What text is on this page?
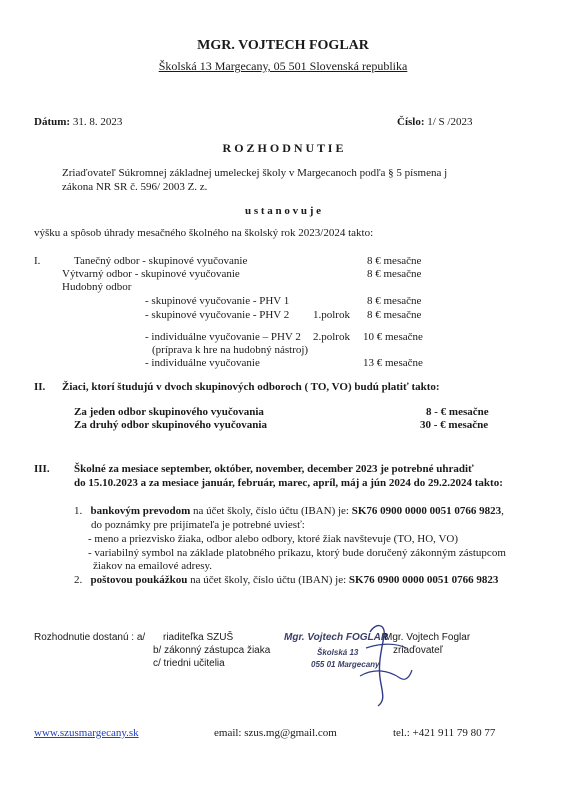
MGR. VOJTECH FOGLAR
Školská 13 Margecany, 05 501 Slovenská republika
Dátum: 31. 8. 2023	Číslo: 1/ S /2023
R O Z H O D N U T I E
Zriaďovateľ Súkromnej základnej umeleckej školy v Margecanoch podľa § 5 písmena j
zákona NR SR č. 596/ 2003 Z. z.
u s t a n o v u j e
výšku a spôsob úhrady mesačného školného na školský rok 2023/2024 takto:
I.	Tanečný odbor - skupinové vyučovanie	8 € mesačne
Výtvarný odbor - skupinové vyučovanie	8 € mesačne
Hudobný odbor
- skupinové vyučovanie - PHV 1	8 € mesačne
- skupinové vyučovanie - PHV 2 1.polrok 8 € mesačne
- individuálne vyučovanie – PHV 2 2.polrok 10 € mesačne
(príprava k hre na hudobný nástroj)
- individuálne vyučovanie	13 € mesačne
II. Žiaci, ktorí študujú v dvoch skupinových odboroch ( TO, VO) budú platiť takto:
Za jeden odbor skupinového vyučovania	8 - € mesačne
Za druhý odbor skupinového vyučovania	30 - € mesačne
III. Školné za mesiace september, október, november, december 2023 je potrebné uhradiť
do 15.10.2023 a za mesiace január, február, marec, apríl, máj a jún 2024 do 29.2.2024 takto:
1. bankovým prevodom na účet školy, číslo účtu (IBAN) je: SK76 0900 0000 0051 0766 9823,
do poznámky pre prijímateľa je potrebné uviesť:
- meno a priezvisko žiaka, odbor alebo odbory, ktoré žiak navštevuje (TO, HO, VO)
- variabilný symbol na základe platobného príkazu, ktorý bude doručený zákonným zástupcom
žiakov na emailové adresy.
2. poštovou poukážkou na účet školy, číslo účtu (IBAN) je: SK76 0900 0000 0051 0766 9823
Rozhodnutie dostanú : a/ riaditeľka SZUŠ
b/ zákonný zástupca žiaka
c/ triedni učitelia
Mgr. Vojtech FOGLAR
Školská 13
055 01 Margecany
Mgr. Vojtech Foglar
zriaďovateľ
www.szusmargecany.sk	email: szus.mg@gmail.com	tel.: +421 911 79 80 77
